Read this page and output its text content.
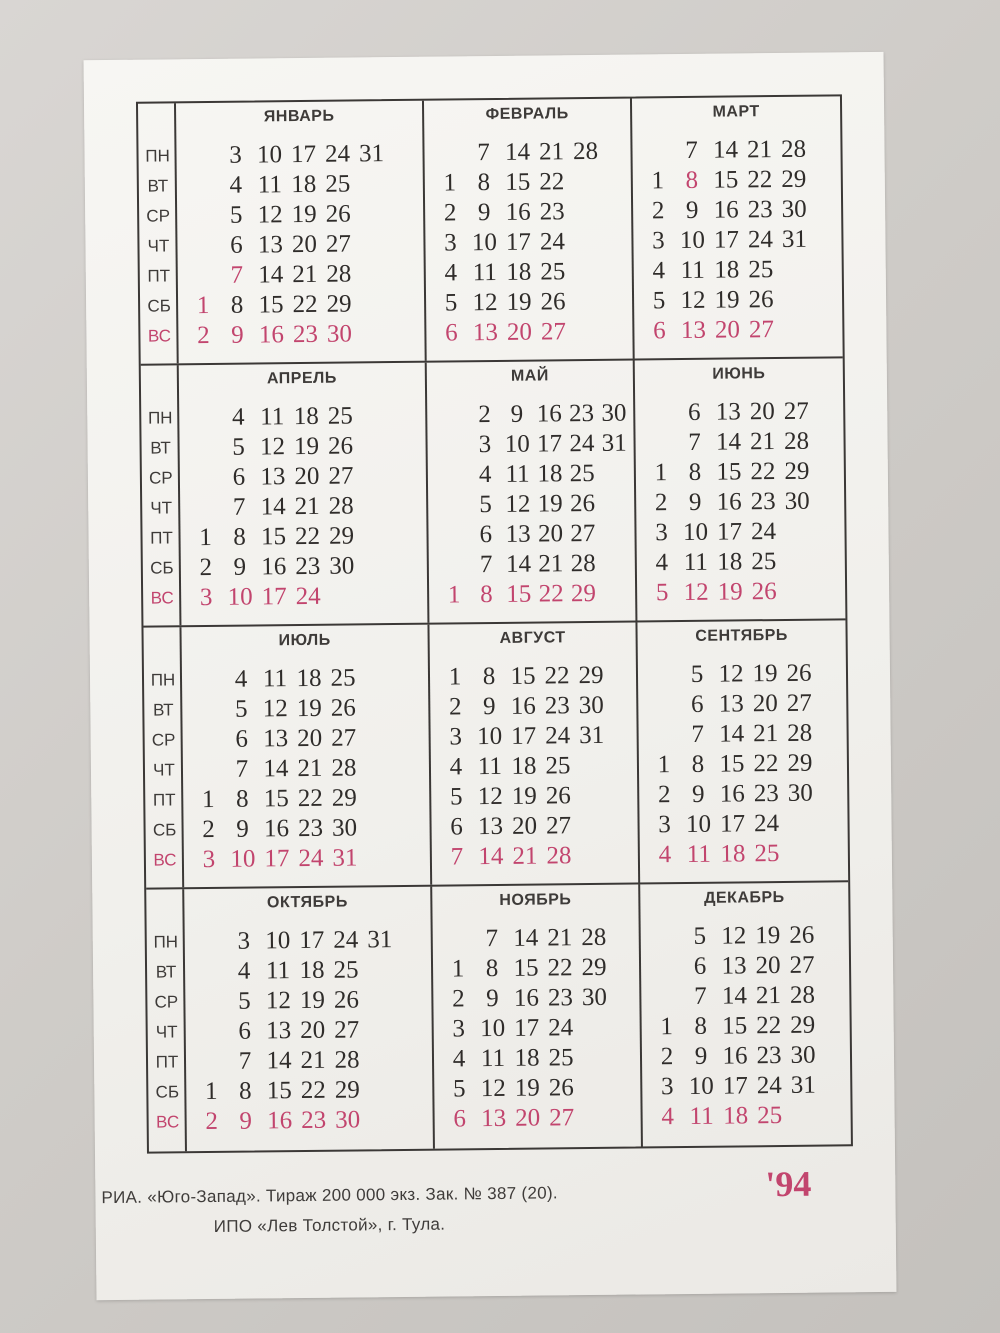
ПН
ВТ
СР
ЧТ
ПТ
СБ
ВС
ЯНВАРЬ
1
2
3
4
5
6
7
8
9
10
11
12
13
14
15
16
17
18
19
20
21
22
23
24
25
26
27
28
29
30
31
ФЕВРАЛЬ
1
2
3
4
5
6
7
8
9
10
11
12
13
14
15
16
17
18
19
20
21
22
23
24
25
26
27
28
МАРТ
1
2
3
4
5
6
7
8
9
10
11
12
13
14
15
16
17
18
19
20
21
22
23
24
25
26
27
28
29
30
31
ПН
ВТ
СР
ЧТ
ПТ
СБ
ВС
АПРЕЛЬ
1
2
3
4
5
6
7
8
9
10
11
12
13
14
15
16
17
18
19
20
21
22
23
24
25
26
27
28
29
30
МАЙ
1
2
3
4
5
6
7
8
9
10
11
12
13
14
15
16
17
18
19
20
21
22
23
24
25
26
27
28
29
30
31
ИЮНЬ
1
2
3
4
5
6
7
8
9
10
11
12
13
14
15
16
17
18
19
20
21
22
23
24
25
26
27
28
29
30
ПН
ВТ
СР
ЧТ
ПТ
СБ
ВС
ИЮЛЬ
1
2
3
4
5
6
7
8
9
10
11
12
13
14
15
16
17
18
19
20
21
22
23
24
25
26
27
28
29
30
31
АВГУСТ
1
2
3
4
5
6
7
8
9
10
11
12
13
14
15
16
17
18
19
20
21
22
23
24
25
26
27
28
29
30
31
СЕНТЯБРЬ
1
2
3
4
5
6
7
8
9
10
11
12
13
14
15
16
17
18
19
20
21
22
23
24
25
26
27
28
29
30
ПН
ВТ
СР
ЧТ
ПТ
СБ
ВС
ОКТЯБРЬ
1
2
3
4
5
6
7
8
9
10
11
12
13
14
15
16
17
18
19
20
21
22
23
24
25
26
27
28
29
30
31
НОЯБРЬ
1
2
3
4
5
6
7
8
9
10
11
12
13
14
15
16
17
18
19
20
21
22
23
24
25
26
27
28
29
30
ДЕКАБРЬ
1
2
3
4
5
6
7
8
9
10
11
12
13
14
15
16
17
18
19
20
21
22
23
24
25
26
27
28
29
30
31
РИА. «Юго-Запад». Тираж 200 000 экз. Зак. № 387 (20).
ИПО «Лев Толстой», г. Тула.
'94
